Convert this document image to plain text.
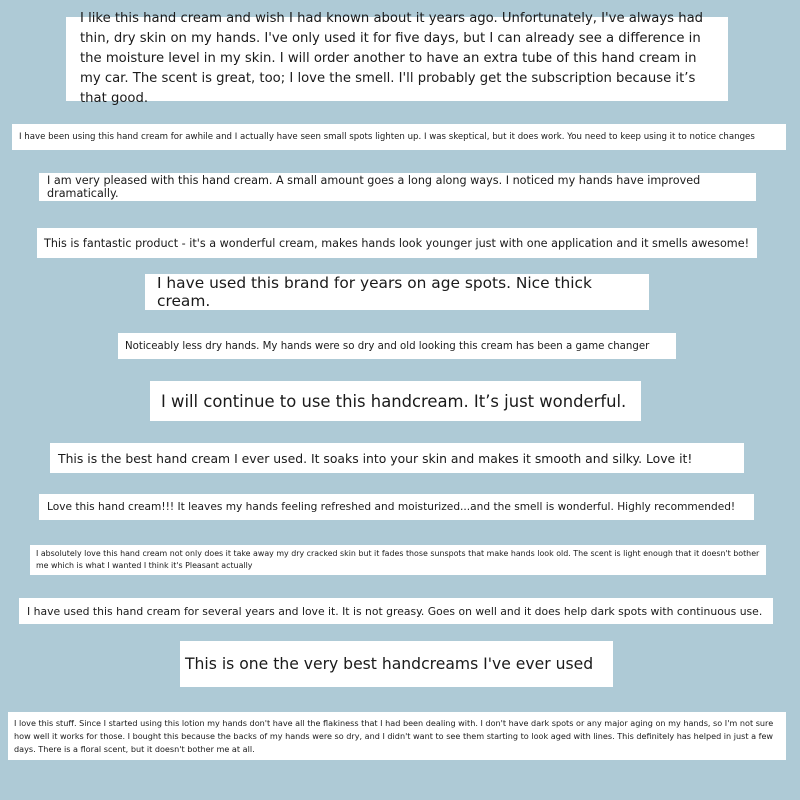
I like this hand cream and wish I had known about it years ago. Unfortunately, I've always had thin, dry skin on my hands. I've only used it for five days, but I can already see a difference in the moisture level in my skin. I will order another to have an extra tube of this hand cream in my car. The scent is great, too; I love the smell. I'll probably get the subscription because it’s that good.
I have been using this hand cream for awhile and I actually have seen small spots lighten up. I was skeptical, but it does work. You need to keep using it to notice changes
I am very pleased with this hand cream. A small amount goes a long along ways. I noticed my hands have improved dramatically.
This is fantastic product - it's a wonderful cream, makes hands look younger just with one application and it smells awesome!
I have used this brand for years on age spots. Nice thick cream.
Noticeably less dry hands. My hands were so dry and old looking this cream has been a game changer
I will continue to use this handcream. It’s just wonderful.
This is the best hand cream I ever used. It soaks into your skin and makes it smooth and silky. Love it!
Love this hand cream!!! It leaves my hands feeling refreshed and moisturized...and the smell is wonderful. Highly recommended!
I absolutely love this hand cream not only does it take away my dry cracked skin but it fades those sunspots that make hands look old. The scent is light enough that it doesn't bother me which is what I wanted I think it's Pleasant actually
I have used this hand cream for several years and love it. It is not greasy. Goes on well and it does help dark spots with continuous use.
This is one the very best handcreams I've ever used
I love this stuff. Since I started using this lotion my hands don't have all the flakiness that I had been dealing with. I don't have dark spots or any major aging on my hands, so I'm not sure how well it works for those. I bought this because the backs of my hands were so dry, and I didn't want to see them starting to look aged with lines. This definitely has helped in just a few days. There is a floral scent, but it doesn't bother me at all.
